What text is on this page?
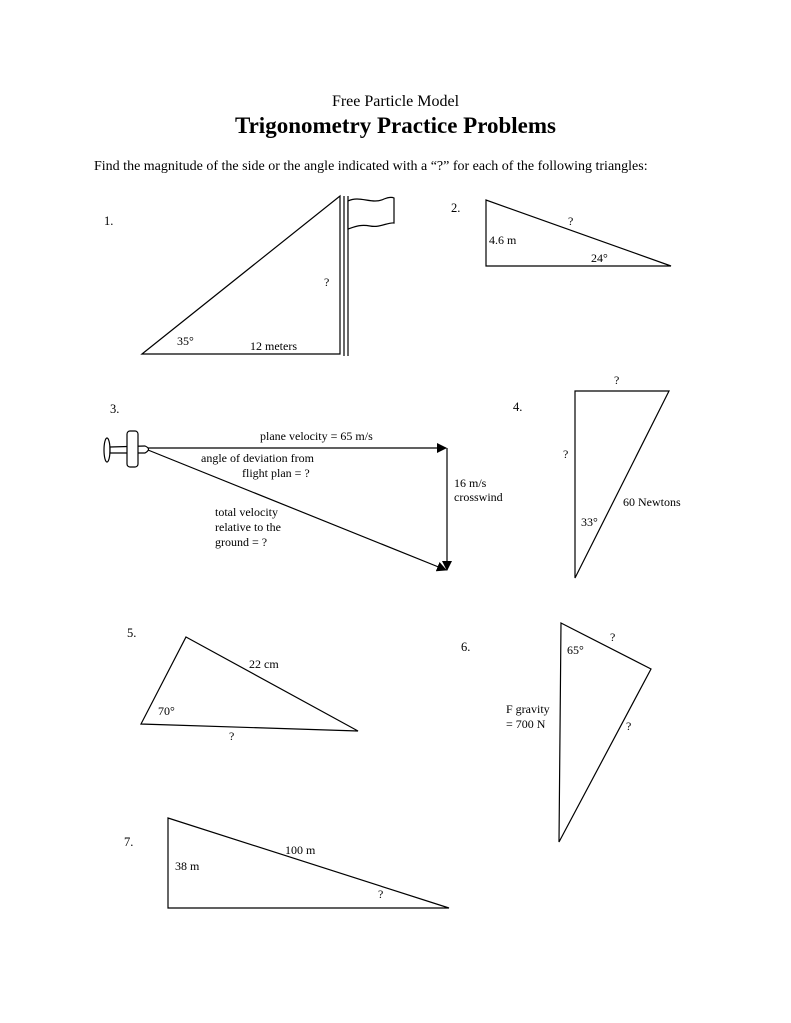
Free Particle Model
Trigonometry Practice Problems
Find the magnitude of the side or the angle indicated with a “?” for each of the following triangles:
1.
35°	12 meters
?
2.
?
4.6 m
24°
3.
plane velocity = 65 m/s
angle of deviation from
flight plan = ?
16 m/s
crosswind
total velocity
relative to the
ground = ?
4.
?
?
60 Newtons
33°
5.
22 cm
70°
?
6.	65°
?
?
F gravity
= 700 N
7.
100 m
38 m
?
